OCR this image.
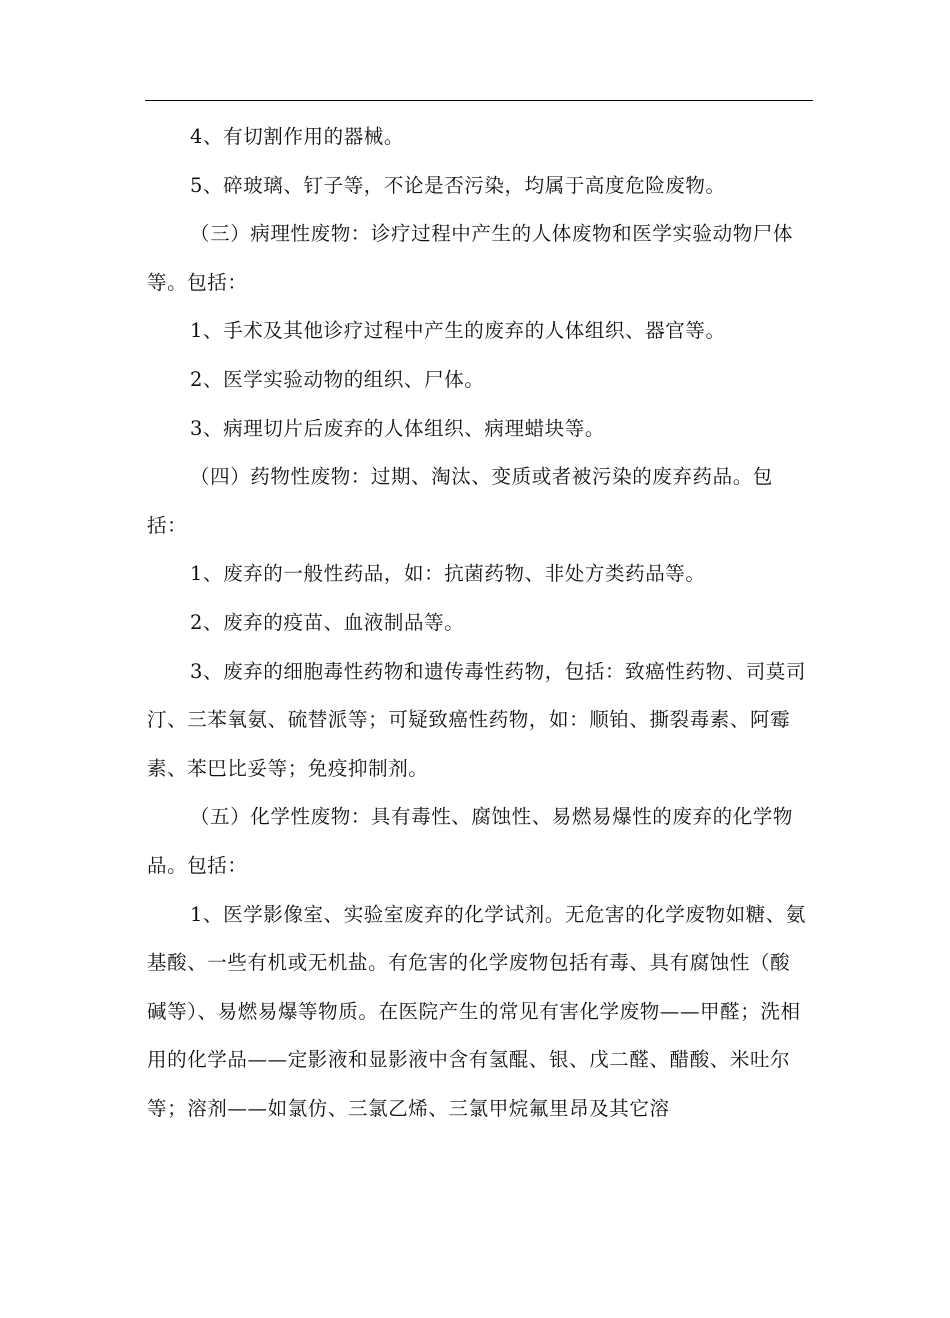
4、有切割作用的器械。

5、碎玻璃、钉子等，不论是否污染，均属于高度危险废物。

（三）病理性废物：诊疗过程中产生的人体废物和医学实验动物尸体等。包括：

1、手术及其他诊疗过程中产生的废弃的人体组织、器官等。

2、医学实验动物的组织、尸体。

3、病理切片后废弃的人体组织、病理蜡块等。

（四）药物性废物：过期、淘汰、变质或者被污染的废弃药品。包括：

1、废弃的一般性药品，如：抗菌药物、非处方类药品等。

2、废弃的疫苗、血液制品等。

3、废弃的细胞毒性药物和遗传毒性药物，包括：致癌性药物、司莫司汀、三苯氧氨、硫替派等；可疑致癌性药物，如：顺铂、撕裂毒素、阿霉素、苯巴比妥等；免疫抑制剂。

（五）化学性废物：具有毒性、腐蚀性、易燃易爆性的废弃的化学物品。包括：

1、医学影像室、实验室废弃的化学试剂。无危害的化学废物如糖、氨基酸、一些有机或无机盐。有危害的化学废物包括有毒、具有腐蚀性（酸碱等）、易燃易爆等物质。在医院产生的常见有害化学废物——甲醛；洗相用的化学品——定影液和显影液中含有氢醌、银、戊二醛、醋酸、米吐尔等；溶剂——如氯仿、三氯乙烯、三氯甲烷氟里昂及其它溶
